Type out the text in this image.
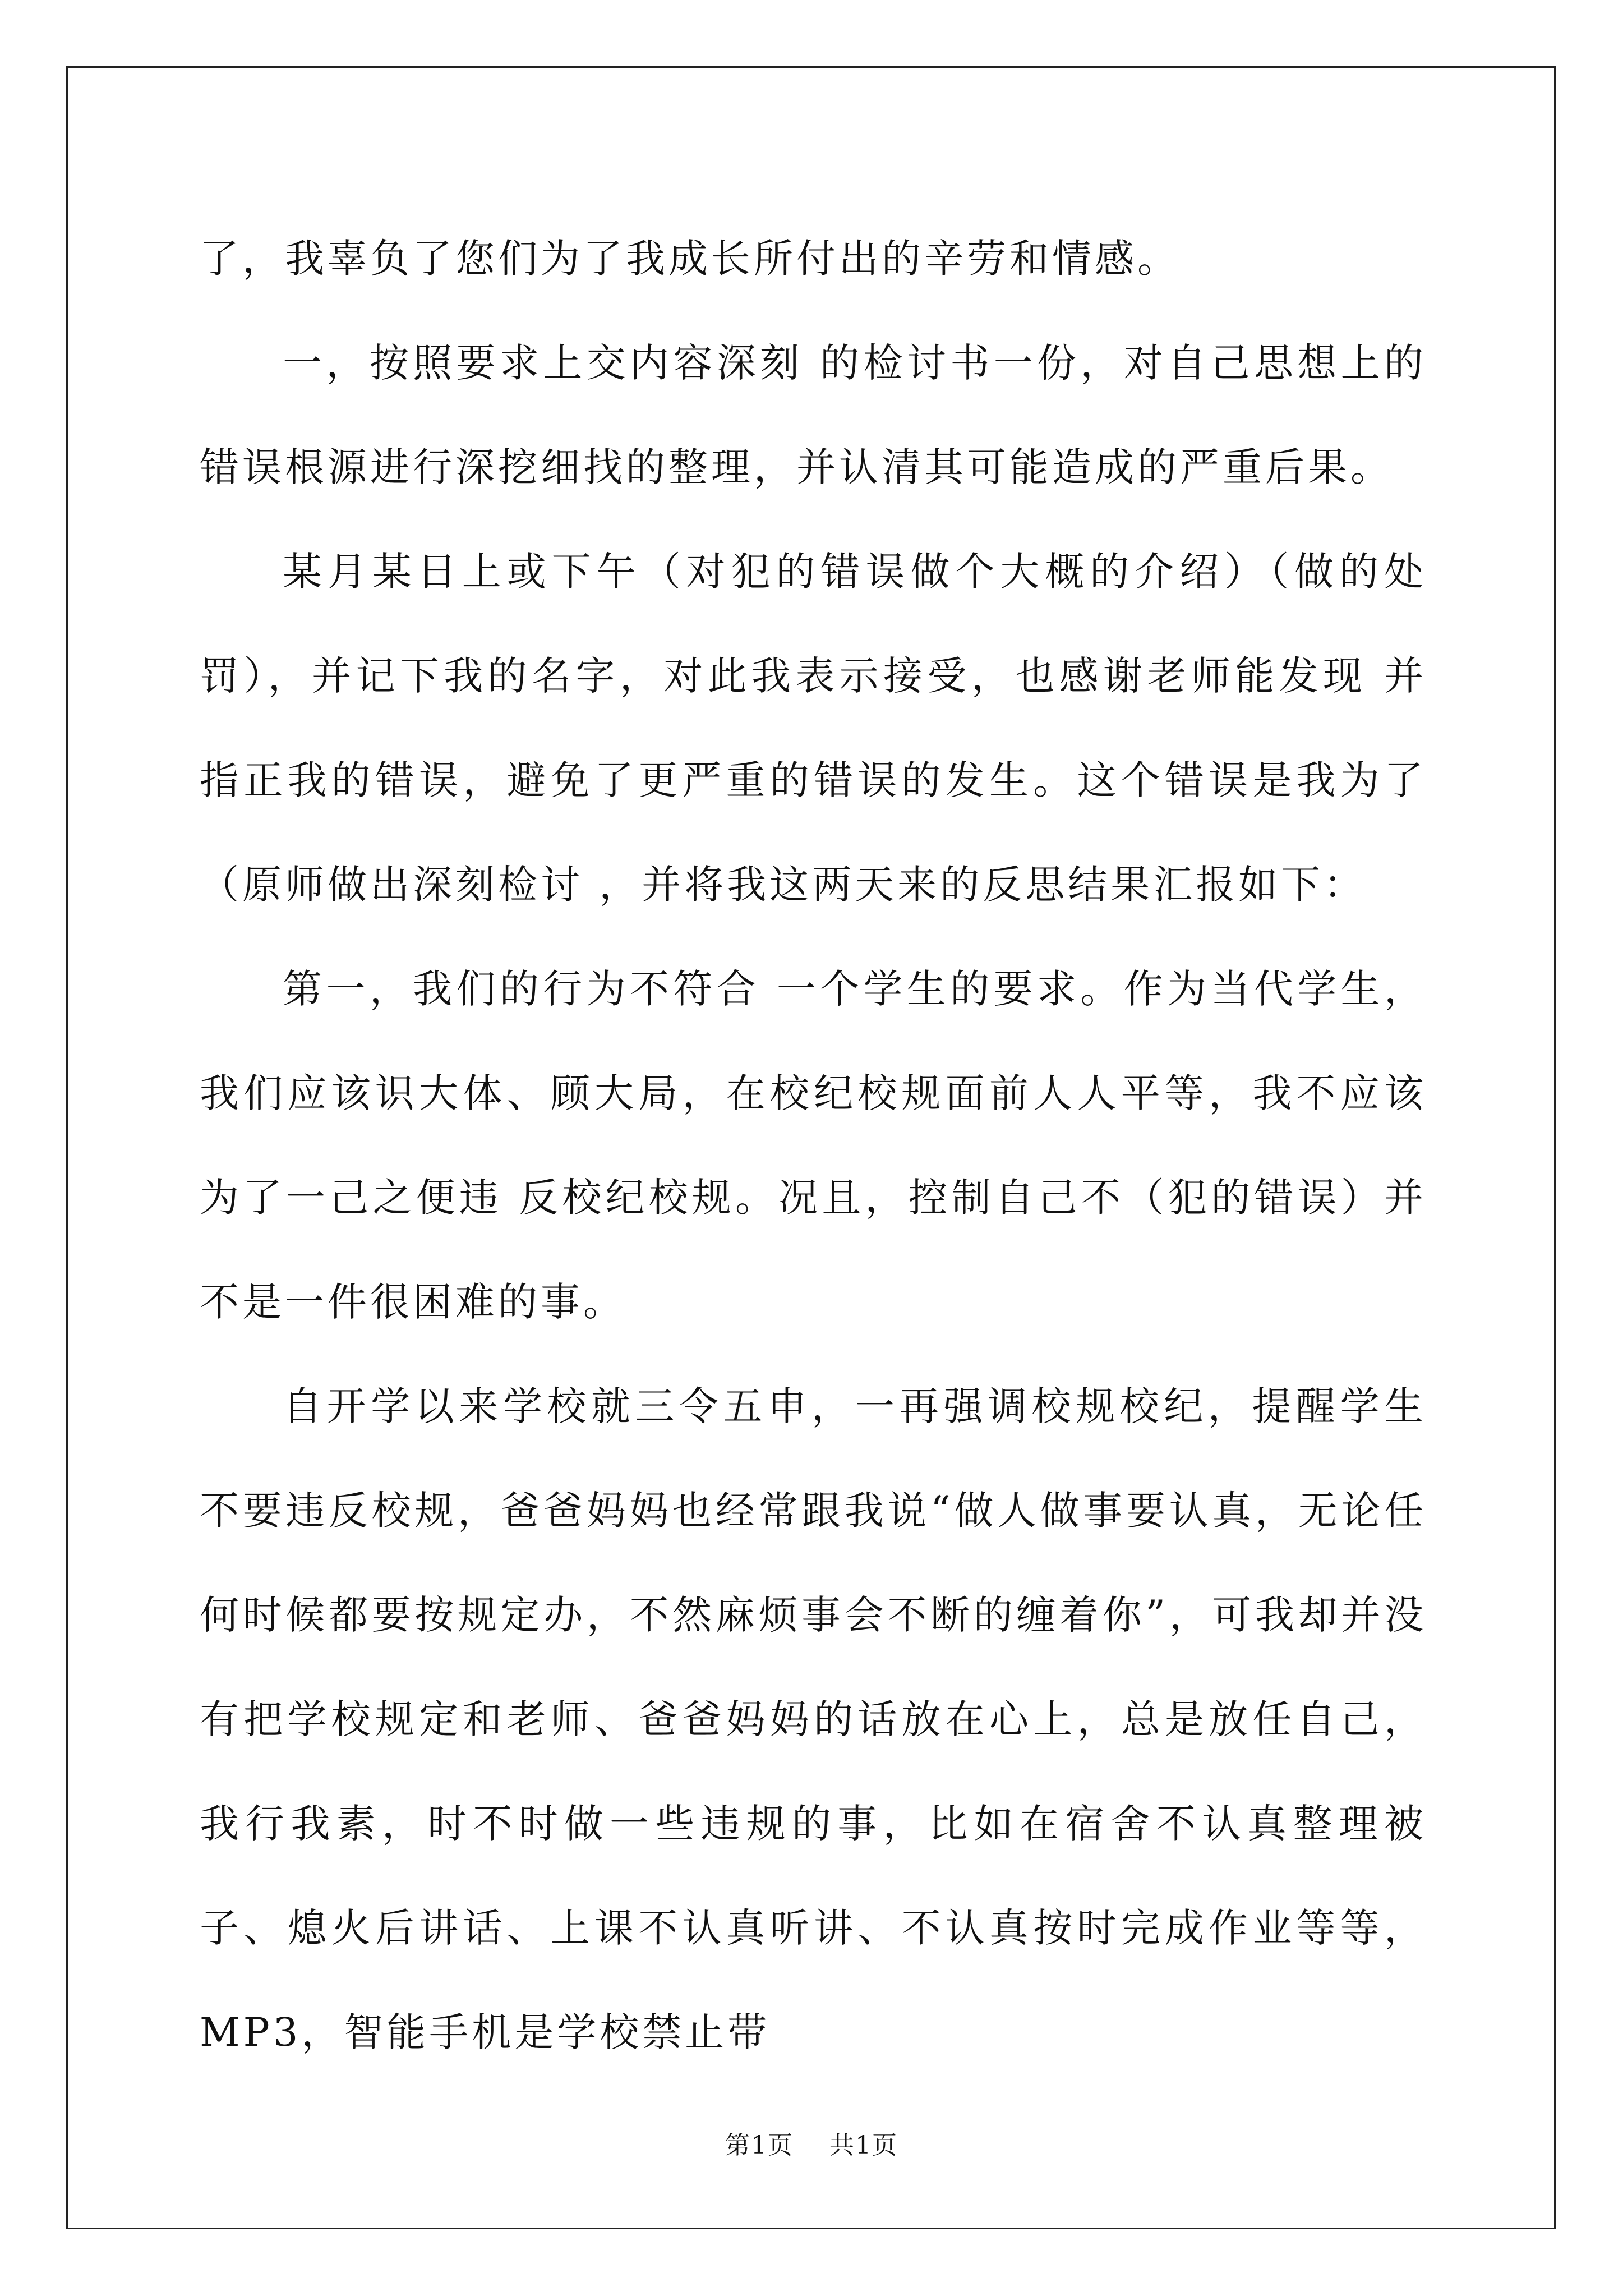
了，我辜负了您们为了我成长所付出的辛劳和情感。

一，按照要求上交内容深刻 的检讨书一份，对自己思想上的错误根源进行深挖细找的整理，并认清其可能造成的严重后果。

某月某日上或下午（对犯的错误做个大概的介绍）（做的处罚），并记下我的名字，对此我表示接受，也感谢老师能发现 并指正我的错误，避免了更严重的错误的发生。这个错误是我为了（原师做出深刻检讨 ，并将我这两天来的反思结果汇报如下：

第一，我们的行为不符合 一个学生的要求。作为当代学生，我们应该识大体、顾大局，在校纪校规面前人人平等，我不应该为了一己之便违 反校纪校规。况且，控制自己不（犯的错误）并不是一件很困难的事。

自开学以来学校就三令五申，一再强调校规校纪，提醒学生不要违反校规，爸爸妈妈也经常跟我说“做人做事要认真，无论任何时候都要按规定办，不然麻烦事会不断的缠着你”，可我却并没有把学校规定和老师、爸爸妈妈的话放在心上，总是放任自己，我行我素，时不时做一些违规的事，比如在宿舍不认真整理被子、熄火后讲话、上课不认真听讲、不认真按时完成作业等等，MP3，智能手机是学校禁止带

第1页 共1页
